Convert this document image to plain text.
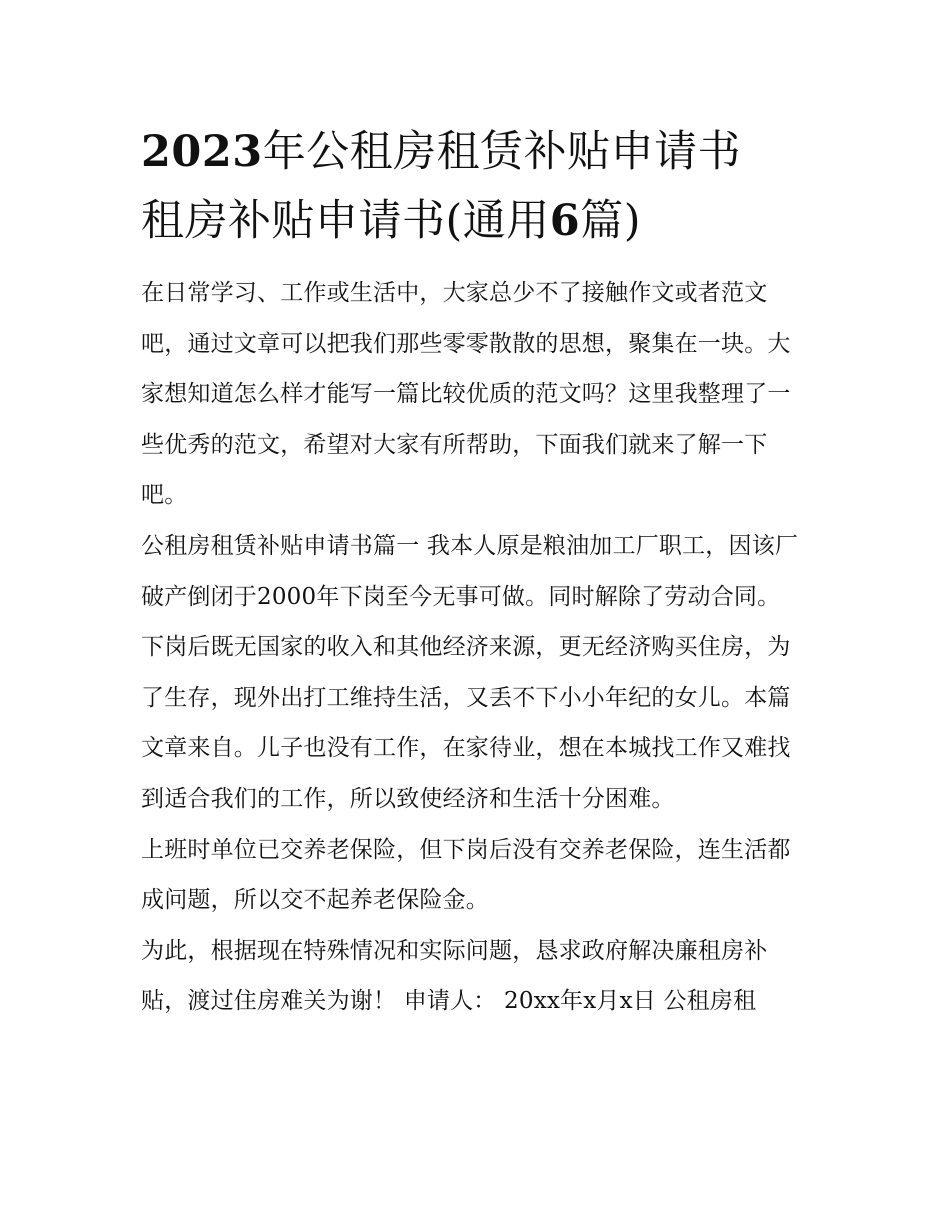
2023年公租房租赁补贴申请书
租房补贴申请书(通用6篇)

在日常学习、工作或生活中，大家总少不了接触作文或者范文吧，通过文章可以把我们那些零零散散的思想，聚集在一块。大家想知道怎么样才能写一篇比较优质的范文吗？这里我整理了一些优秀的范文，希望对大家有所帮助，下面我们就来了解一下吧。

公租房租赁补贴申请书篇一 我本人原是粮油加工厂职工，因该厂破产倒闭于2000年下岗至今无事可做。同时解除了劳动合同。

下岗后既无国家的收入和其他经济来源，更无经济购买住房，为了生存，现外出打工维持生活，又丢不下小小年纪的女儿。本篇文章来自。儿子也没有工作，在家待业，想在本城找工作又难找到适合我们的工作，所以致使经济和生活十分困难。

上班时单位已交养老保险，但下岗后没有交养老保险，连生活都成问题，所以交不起养老保险金。

为此，根据现在特殊情况和实际问题，恳求政府解决廉租房补贴，渡过住房难关为谢！ 申请人： 20xx年x月x日 公租房租
